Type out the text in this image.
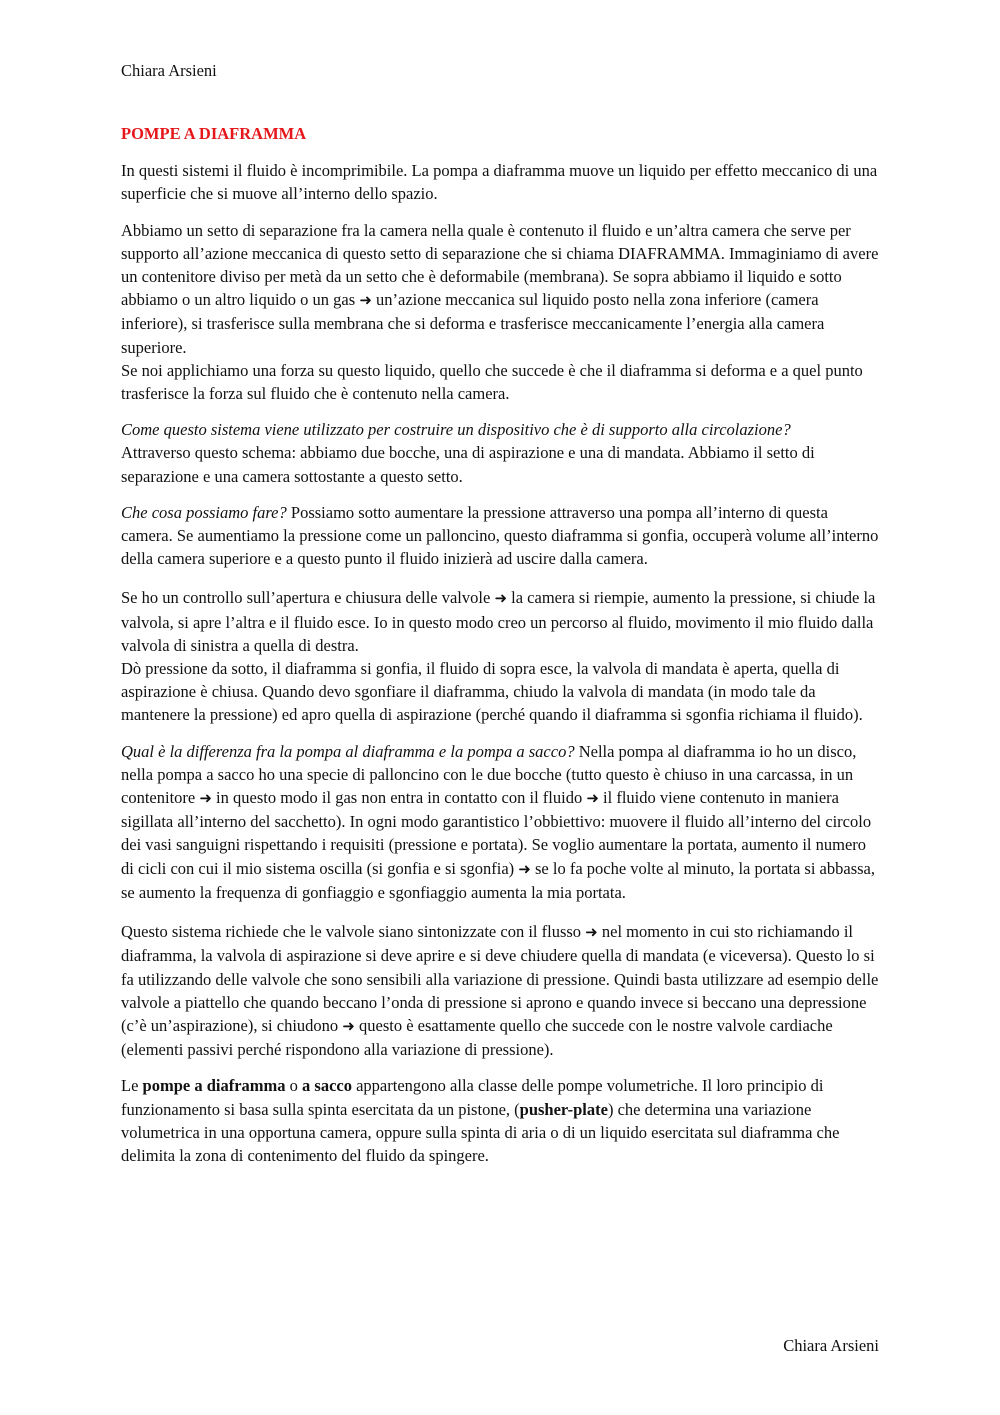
Chiara Arsieni
POMPE A DIAFRAMMA

In questi sistemi il fluido è incomprimibile. La pompa a diaframma muove un liquido per effetto meccanico di una superficie che si muove all’interno dello spazio.

Abbiamo un setto di separazione fra la camera nella quale è contenuto il fluido e un’altra camera che serve per supporto all’azione meccanica di questo setto di separazione che si chiama DIAFRAMMA. Immaginiamo di avere un contenitore diviso per metà da un setto che è deformabile (membrana). Se sopra abbiamo il liquido e sotto abbiamo o un altro liquido o un gas ➜ un’azione meccanica sul liquido posto nella zona inferiore (camera inferiore), si trasferisce sulla membrana che si deforma e trasferisce meccanicamente l’energia alla camera superiore.

Se noi applichiamo una forza su questo liquido, quello che succede è che il diaframma si deforma e a quel punto trasferisce la forza sul fluido che è contenuto nella camera.

Come questo sistema viene utilizzato per costruire un dispositivo che è di supporto alla circolazione?
Attraverso questo schema: abbiamo due bocche, una di aspirazione e una di mandata. Abbiamo il setto di separazione e una camera sottostante a questo setto.

Che cosa possiamo fare? Possiamo sotto aumentare la pressione attraverso una pompa all’interno di questa camera. Se aumentiamo la pressione come un palloncino, questo diaframma si gonfia, occuperà volume all’interno della camera superiore e a questo punto il fluido inizierà ad uscire dalla camera.

Se ho un controllo sull’apertura e chiusura delle valvole ➜ la camera si riempie, aumento la pressione, si chiude la valvola, si apre l’altra e il fluido esce. Io in questo modo creo un percorso al fluido, movimento il mio fluido dalla valvola di sinistra a quella di destra.

Dò pressione da sotto, il diaframma si gonfia, il fluido di sopra esce, la valvola di mandata è aperta, quella di aspirazione è chiusa. Quando devo sgonfiare il diaframma, chiudo la valvola di mandata (in modo tale da mantenere la pressione) ed apro quella di aspirazione (perché quando il diaframma si sgonfia richiama il fluido).

Qual è la differenza fra la pompa al diaframma e la pompa a sacco? Nella pompa al diaframma io ho un disco, nella pompa a sacco ho una specie di palloncino con le due bocche (tutto questo è chiuso in una carcassa, in un contenitore ➜ in questo modo il gas non entra in contatto con il fluido ➜ il fluido viene contenuto in maniera sigillata all’interno del sacchetto). In ogni modo garantistico l’obbiettivo: muovere il fluido all’interno del circolo dei vasi sanguigni rispettando i requisiti (pressione e portata). Se voglio aumentare la portata, aumento il numero di cicli con cui il mio sistema oscilla (si gonfia e si sgonfia) ➜ se lo fa poche volte al minuto, la portata si abbassa, se aumento la frequenza di gonfiaggio e sgonfiaggio aumenta la mia portata.

Questo sistema richiede che le valvole siano sintonizzate con il flusso ➜ nel momento in cui sto richiamando il diaframma, la valvola di aspirazione si deve aprire e si deve chiudere quella di mandata (e viceversa). Questo lo si fa utilizzando delle valvole che sono sensibili alla variazione di pressione. Quindi basta utilizzare ad esempio delle valvole a piattello che quando beccano l’onda di pressione si aprono e quando invece si beccano una depressione (c’è un’aspirazione), si chiudono ➜ questo è esattamente quello che succede con le nostre valvole cardiache (elementi passivi perché rispondono alla variazione di pressione).

Le pompe a diaframma o a sacco appartengono alla classe delle pompe volumetriche. Il loro principio di funzionamento si basa sulla spinta esercitata da un pistone, (pusher-plate) che determina una variazione volumetrica in una opportuna camera, oppure sulla spinta di aria o di un liquido esercitata sul diaframma che delimita la zona di contenimento del fluido da spingere.

Chiara Arsieni
